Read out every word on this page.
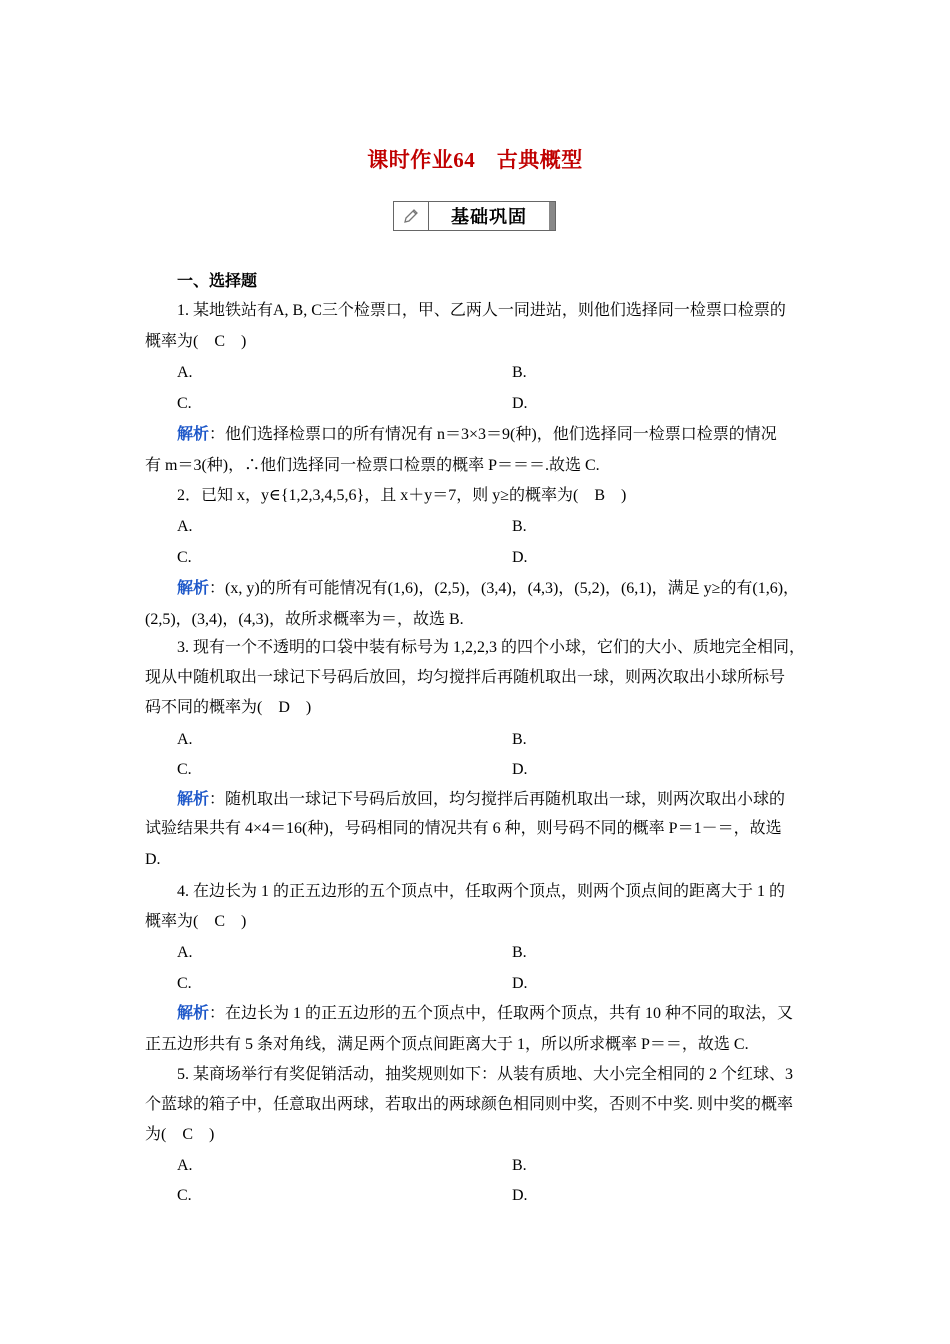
课时作业64　古典概型
基础巩固
一、选择题
1. 某地铁站有A, B, C三个检票口，甲、乙两人一同进站，则他们选择同一检票口检票的
概率为(　C　)
A.	B.
C.	D.
解析：他们选择检票口的所有情况有 n＝3×3＝9(种)，他们选择同一检票口检票的情况
有 m＝3(种)，∴他们选择同一检票口检票的概率 P＝＝＝.故选 C.
2．已知 x，y∈{1,2,3,4,5,6}，且 x＋y＝7，则 y≥的概率为(　B　)
A.	B.
C.	D.
解析：(x, y)的所有可能情况有(1,6)，(2,5)，(3,4)，(4,3)，(5,2)，(6,1)，满足 y≥的有(1,6)，
(2,5)，(3,4)，(4,3)，故所求概率为＝，故选 B.
3. 现有一个不透明的口袋中装有标号为 1,2,2,3 的四个小球，它们的大小、质地完全相同，
现从中随机取出一球记下号码后放回，均匀搅拌后再随机取出一球，则两次取出小球所标号
码不同的概率为(　D　)
A.	B.
C.	D.
解析：随机取出一球记下号码后放回，均匀搅拌后再随机取出一球，则两次取出小球的
试验结果共有 4×4＝16(种)，号码相同的情况共有 6 种，则号码不同的概率 P＝1－＝，故选
D.
4. 在边长为 1 的正五边形的五个顶点中，任取两个顶点，则两个顶点间的距离大于 1 的
概率为(　C　)
A.	B.
C.	D.
解析：在边长为 1 的正五边形的五个顶点中，任取两个顶点，共有 10 种不同的取法，又
正五边形共有 5 条对角线，满足两个顶点间距离大于 1，所以所求概率 P＝＝，故选 C.
5. 某商场举行有奖促销活动，抽奖规则如下：从装有质地、大小完全相同的 2 个红球、3
个蓝球的箱子中，任意取出两球，若取出的两球颜色相同则中奖，否则不中奖. 则中奖的概率
为(　C　)
A.	B.
C.	D.
